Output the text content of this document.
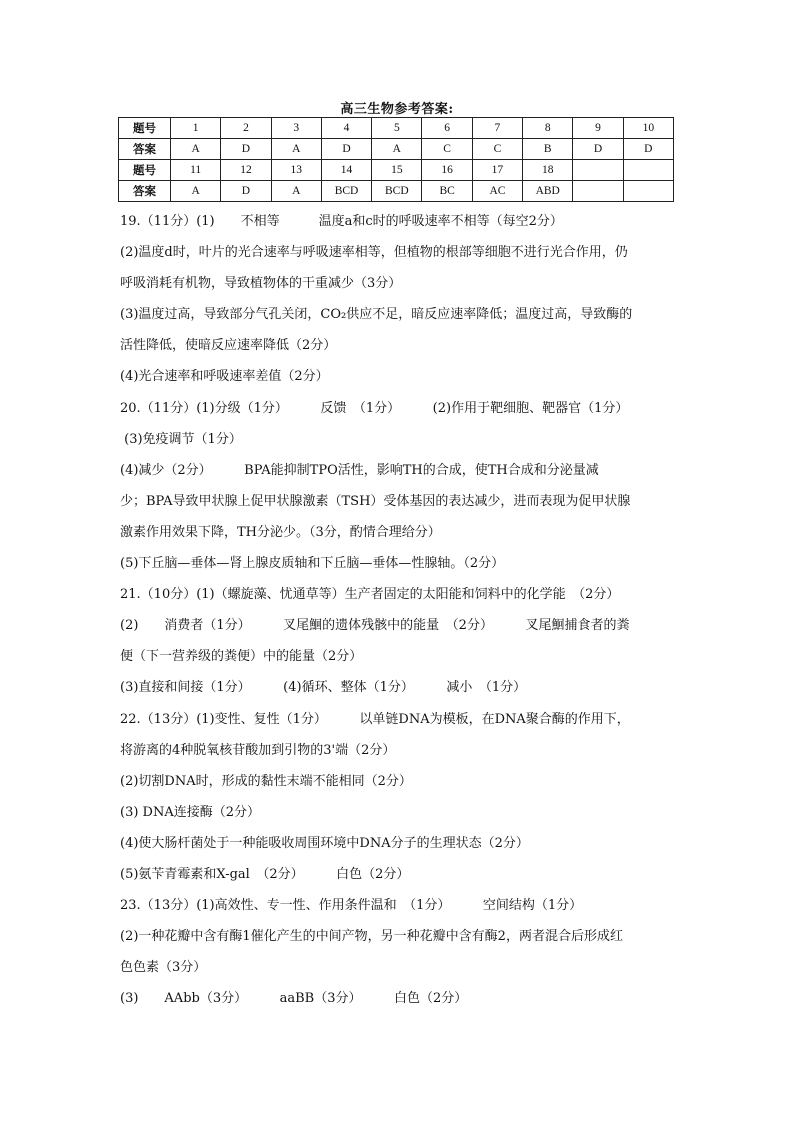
高三生物参考答案:
题号	1	2	3	4	5	6	7	8	9	10
答案	A	D	A	D	A	C	C	B	D	D
题号	11	12	13	14	15	16	17	18		
答案	A	D	A	BCD	BCD	BC	AC	ABD		
19.（11分）(1)　　不相等　　　温度a和c时的呼吸速率不相等（每空2分）
(2)温度d时，叶片的光合速率与呼吸速率相等，但植物的根部等细胞不进行光合作用，仍
呼吸消耗有机物，导致植物体的干重减少（3分）
(3)温度过高，导致部分气孔关闭，CO₂供应不足，暗反应速率降低；温度过高，导致酶的
活性降低，使暗反应速率降低（2分）
(4)光合速率和呼吸速率差值（2分）
20.（11分）(1)分级（1分）　　　反馈　（1分）　　　(2)作用于靶细胞、靶器官（1分）
(3)免疫调节（1分）
(4)减少（2分）　　　BPA能抑制TPO活性，影响TH的合成，使TH合成和分泌量减
少；BPA导致甲状腺上促甲状腺激素（TSH）受体基因的表达减少，进而表现为促甲状腺
激素作用效果下降，TH分泌少。（3分，酌情合理给分）
(5)下丘脑—垂体—肾上腺皮质轴和下丘脑—垂体—性腺轴。（2分）
21.（10分）(1)（螺旋藻、忧通草等）生产者固定的太阳能和饲料中的化学能　（2分）
(2)　　消费者（1分）　　　叉尾鮰的遗体残骸中的能量　（2分）　　　叉尾鮰捕食者的粪
便（下一营养级的粪便）中的能量（2分）
(3)直接和间接（1分）　　　(4)循环、整体（1分）　　　减小　（1分）
22.（13分）(1)变性、复性（1分）　　　以单链DNA为模板，在DNA聚合酶的作用下，
将游离的4种脱氧核苷酸加到引物的3'端（2分）
(2)切割DNA时，形成的黏性末端不能相同（2分）
(3) DNA连接酶（2分）
(4)使大肠杆菌处于一种能吸收周围环境中DNA分子的生理状态（2分）
(5)氨苄青霉素和X-gal　（2分）　　　白色（2分）
23.（13分）(1)高效性、专一性、作用条件温和　（1分）　　　空间结构（1分）
(2)一种花瓣中含有酶1催化产生的中间产物，另一种花瓣中含有酶2，两者混合后形成红
色色素（3分）
(3)　　AAbb（3分）　　　aaBB（3分）　　　白色（2分）
